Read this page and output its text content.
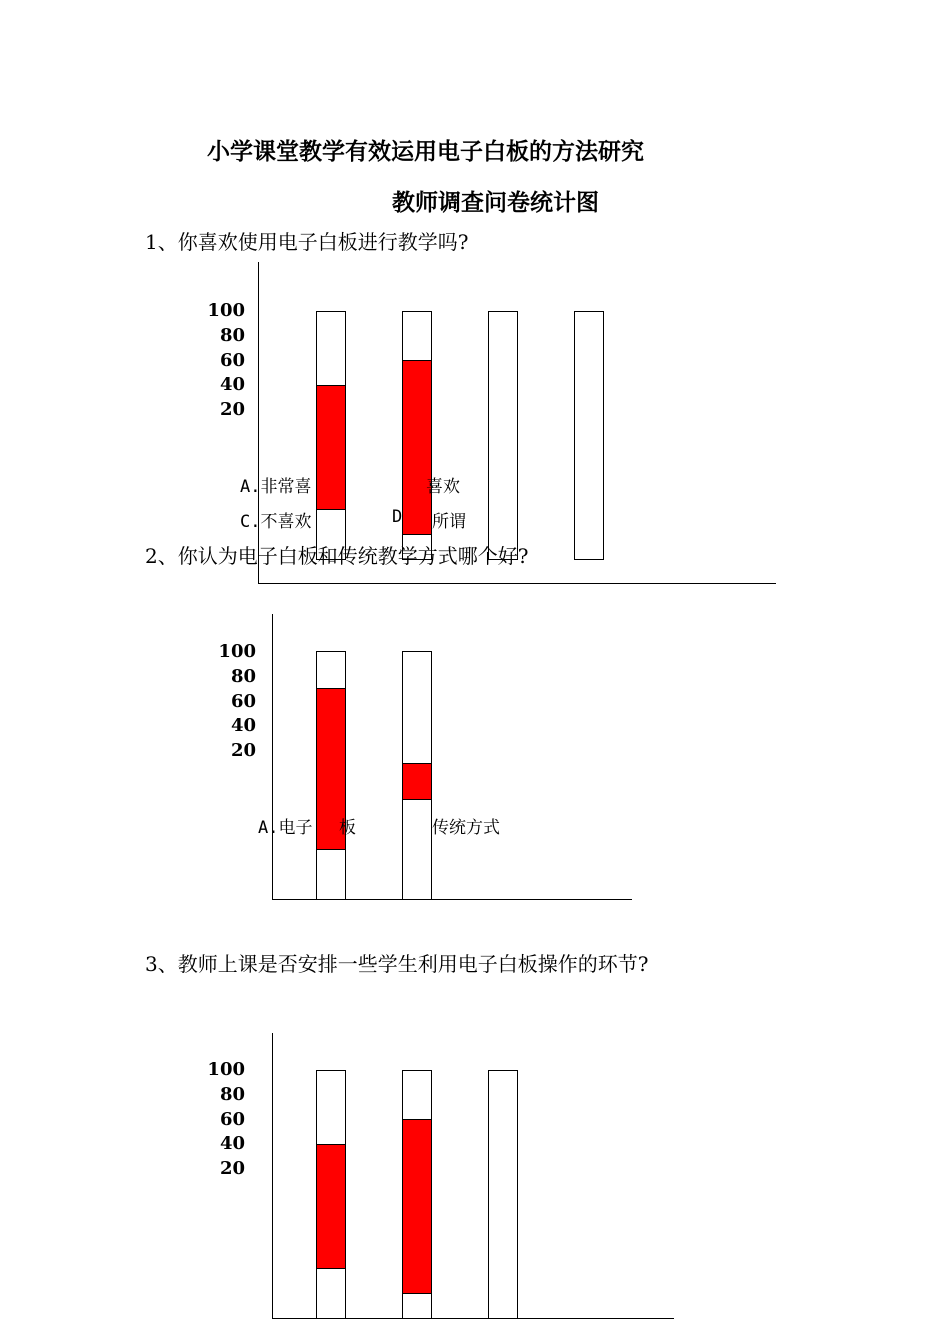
小学课堂教学有效运用电子白板的方法研究
教师调查问卷统计图
1、你喜欢使用电子白板进行教学吗?
100
80
60
40
20
A.非常喜	喜欢
C.不喜欢	D 所谓
2、你认为电子白板和传统教学方式哪个好?
100
80
60
40
20
A.电子 板	传统方式
3、教师上课是否安排一些学生利用电子白板操作的环节?
100
80
60
40
20
